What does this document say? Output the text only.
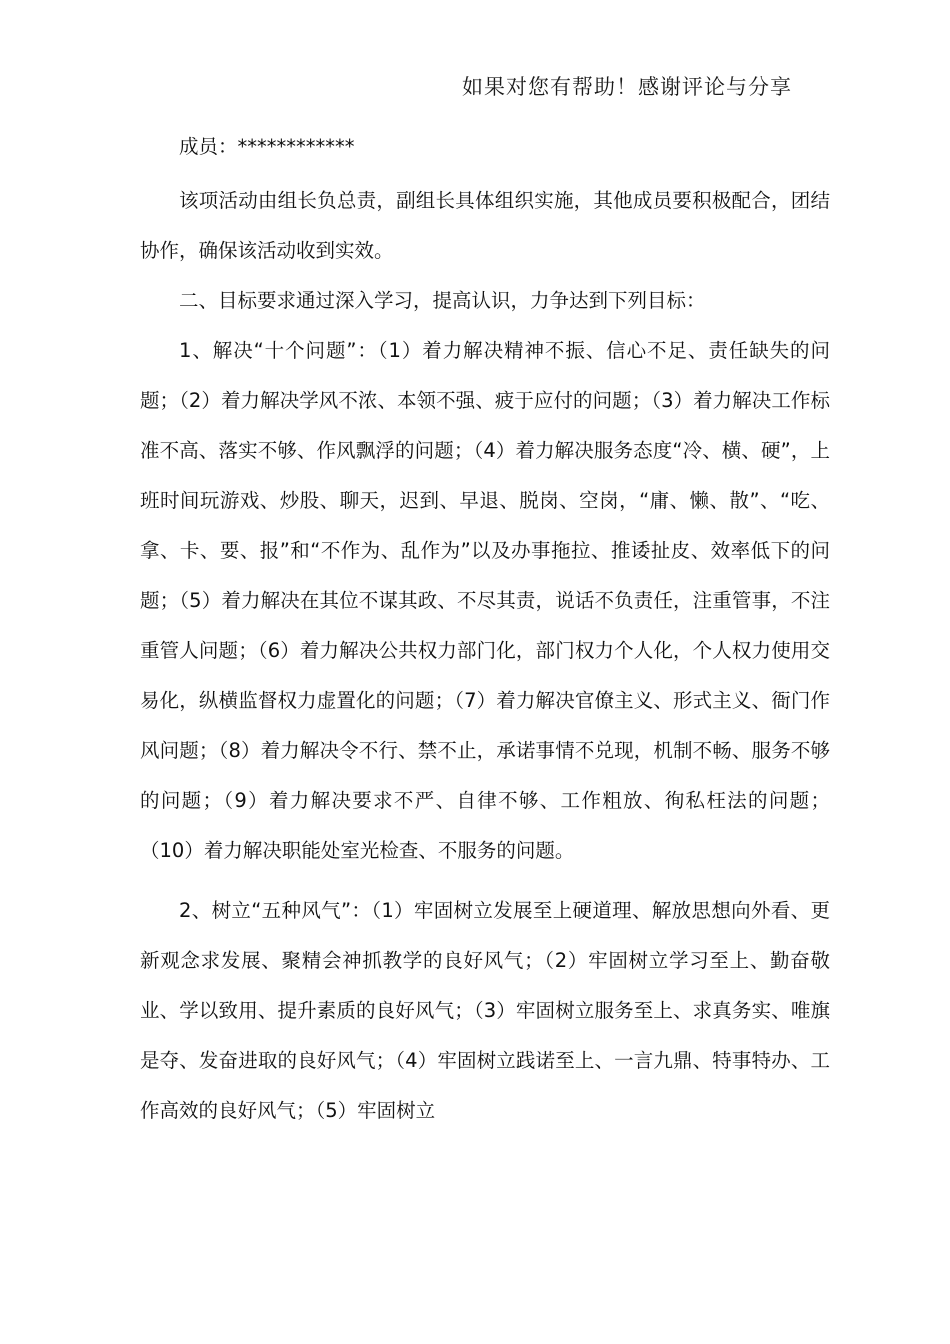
如果对您有帮助！感谢评论与分享

成员：************

该项活动由组长负总责，副组长具体组织实施，其他成员要积极配合，团结协作，确保该活动收到实效。

二、目标要求通过深入学习，提高认识，力争达到下列目标：

1、解决“十个问题”：（1）着力解决精神不振、信心不足、责任缺失的问题；（2）着力解决学风不浓、本领不强、疲于应付的问题；（3）着力解决工作标准不高、落实不够、作风飘浮的问题；（4）着力解决服务态度“冷、横、硬”，上班时间玩游戏、炒股、聊天，迟到、早退、脱岗、空岗，“庸、懒、散”、“吃、拿、卡、要、报”和“不作为、乱作为”以及办事拖拉、推诿扯皮、效率低下的问题；（5）着力解决在其位不谋其政、不尽其责，说话不负责任，注重管事，不注重管人问题；（6）着力解决公共权力部门化，部门权力个人化，个人权力使用交易化，纵横监督权力虚置化的问题；（7）着力解决官僚主义、形式主义、衙门作风问题；（8）着力解决令不行、禁不止，承诺事情不兑现，机制不畅、服务不够的问题；（9）着力解决要求不严、自律不够、工作粗放、徇私枉法的问题；（10）着力解决职能处室光检查、不服务的问题。

2、树立“五种风气”：（1）牢固树立发展至上硬道理、解放思想向外看、更新观念求发展、聚精会神抓教学的良好风气；（2）牢固树立学习至上、勤奋敬业、学以致用、提升素质的良好风气；（3）牢固树立服务至上、求真务实、唯旗是夺、发奋进取的良好风气；（4）牢固树立践诺至上、一言九鼎、特事特办、工作高效的良好风气；（5）牢固树立
